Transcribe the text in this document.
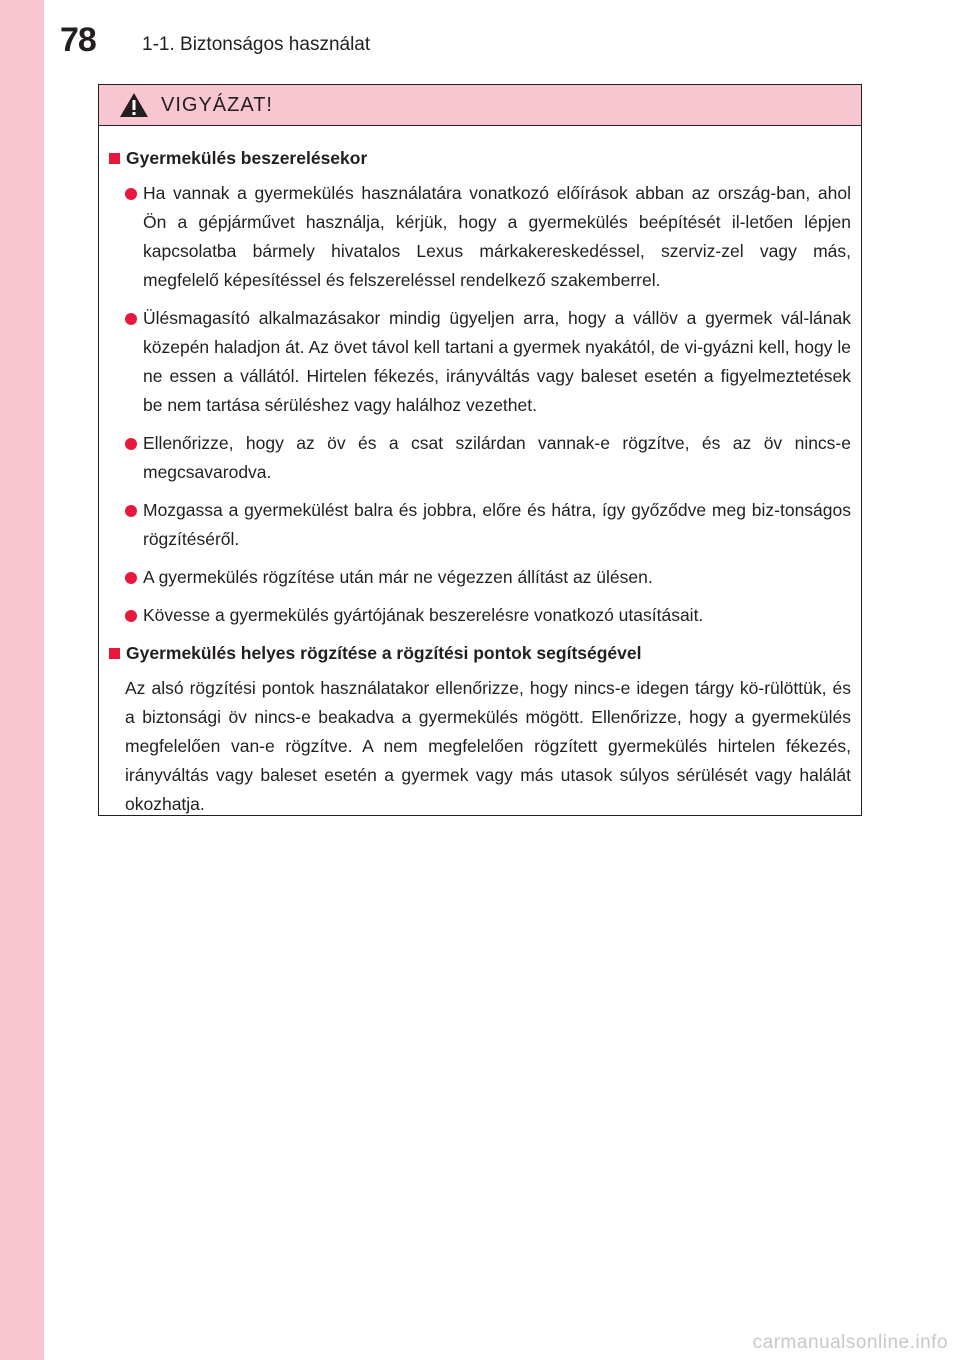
78 1-1. Biztonságos használat
VIGYÁZAT!
Gyermekülés beszerelésekor
Ha vannak a gyermekülés használatára vonatkozó előírások abban az ország-ban, ahol Ön a gépjárművet használja, kérjük, hogy a gyermekülés beépítését il-letően lépjen kapcsolatba bármely hivatalos Lexus márkakereskedéssel, szerviz-zel vagy más, megfelelő képesítéssel és felszereléssel rendelkező szakemberrel.
Ülésmagasító alkalmazásakor mindig ügyeljen arra, hogy a vállöv a gyermek vál-lának közepén haladjon át. Az övet távol kell tartani a gyermek nyakától, de vi-gyázni kell, hogy le ne essen a vállától. Hirtelen fékezés, irányváltás vagy baleset esetén a figyelmeztetések be nem tartása sérüléshez vagy halálhoz vezethet.
Ellenőrizze, hogy az öv és a csat szilárdan vannak-e rögzítve, és az öv nincs-e megcsavarodva.
Mozgassa a gyermekülést balra és jobbra, előre és hátra, így győződve meg biz-tonságos rögzítéséről.
A gyermekülés rögzítése után már ne végezzen állítást az ülésen.
Kövesse a gyermekülés gyártójának beszerelésre vonatkozó utasításait.
Gyermekülés helyes rögzítése a rögzítési pontok segítségével
Az alsó rögzítési pontok használatakor ellenőrizze, hogy nincs-e idegen tárgy kö-rülöttük, és a biztonsági öv nincs-e beakadva a gyermekülés mögött. Ellenőrizze, hogy a gyermekülés megfelelően van-e rögzítve. A nem megfelelően rögzített gyermekülés hirtelen fékezés, irányváltás vagy baleset esetén a gyermek vagy más utasok súlyos sérülését vagy halálát okozhatja.
carmanualsonline.info
